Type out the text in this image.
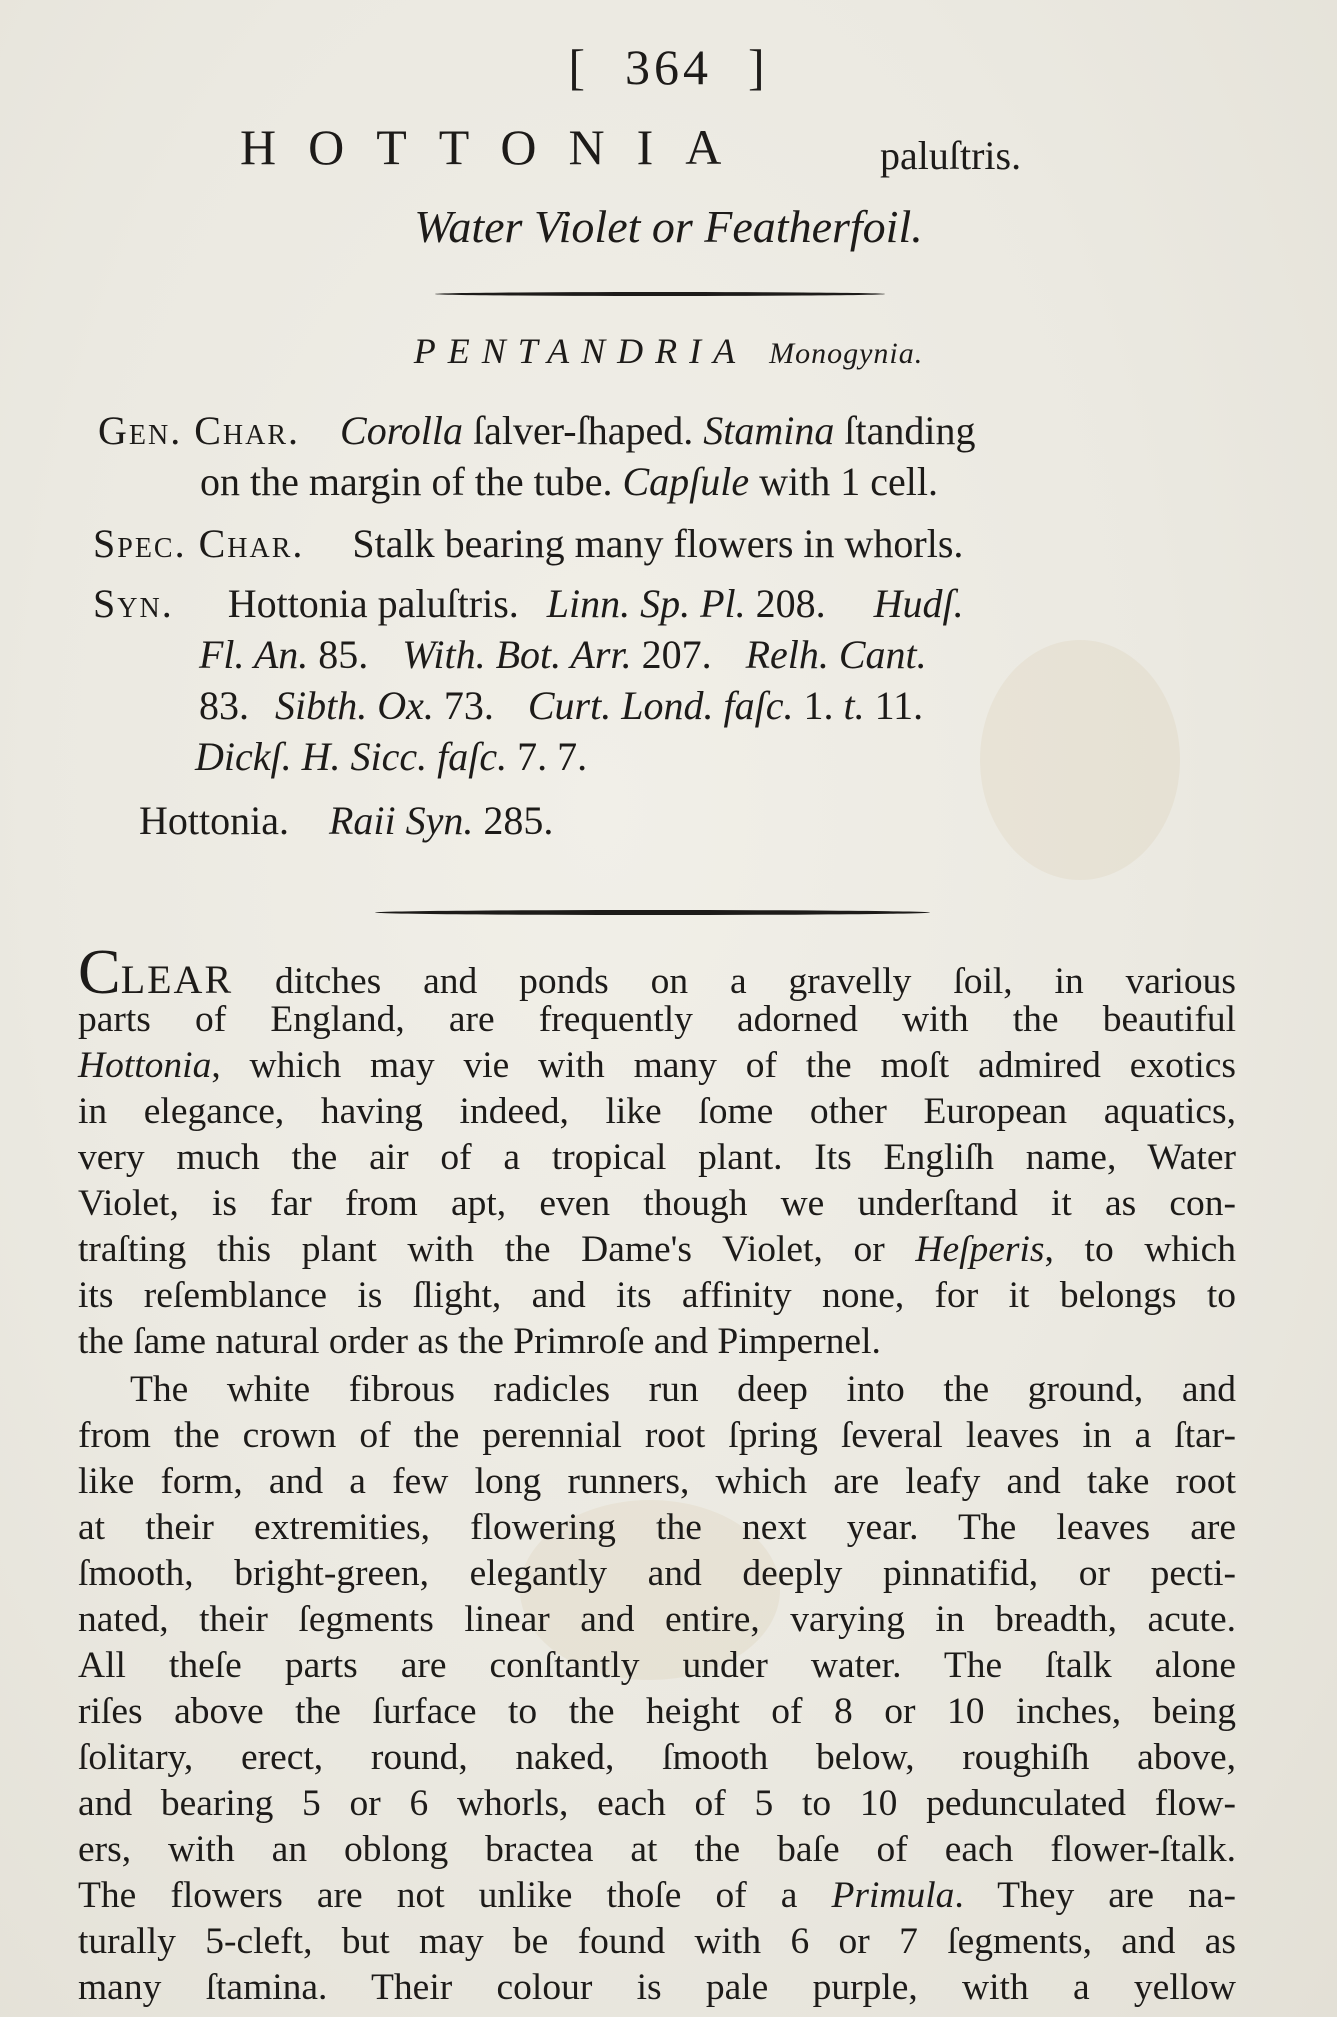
[ 364 ]
HOTTONIA	paluſtris.
Water Violet or Featherfoil.
PENTANDRIA Monogynia.
Gen. Char. Corolla ſalver-ſhaped. Stamina ſtanding
on the margin of the tube. Capſule with 1 cell.
Spec. Char. Stalk bearing many flowers in whorls.
Syn. Hottonia paluſtris. Linn. Sp. Pl. 208. Hudſ.
Fl. An. 85. With. Bot. Arr. 207. Relh. Cant.
83. Sibth. Ox. 73. Curt. Lond. faſc. 1. t. 11.
Dickſ. H. Sicc. faſc. 7. 7.
Hottonia. Raii Syn. 285.
CLEAR ditches and ponds on a gravelly ſoil, in various
parts of England, are frequently adorned with the beautiful
Hottonia, which may vie with many of the moſt admired exotics
in elegance, having indeed, like ſome other European aquatics,
very much the air of a tropical plant. Its Engliſh name, Water
Violet, is far from apt, even though we underſtand it as con-
traſting this plant with the Dame's Violet, or Heſperis, to which
its reſemblance is ſlight, and its affinity none, for it belongs to
the ſame natural order as the Primroſe and Pimpernel.
The white fibrous radicles run deep into the ground, and
from the crown of the perennial root ſpring ſeveral leaves in a ſtar-
like form, and a few long runners, which are leafy and take root
at their extremities, flowering the next year. The leaves are
ſmooth, bright-green, elegantly and deeply pinnatifid, or pecti-
nated, their ſegments linear and entire, varying in breadth, acute.
All theſe parts are conſtantly under water. The ſtalk alone
riſes above the ſurface to the height of 8 or 10 inches, being
ſolitary, erect, round, naked, ſmooth below, roughiſh above,
and bearing 5 or 6 whorls, each of 5 to 10 pedunculated flow-
ers, with an oblong bractea at the baſe of each flower-ſtalk.
The flowers are not unlike thoſe of a Primula. They are na-
turally 5-cleft, but may be found with 6 or 7 ſegments, and as
many ſtamina. Their colour is pale purple, with a yellow
